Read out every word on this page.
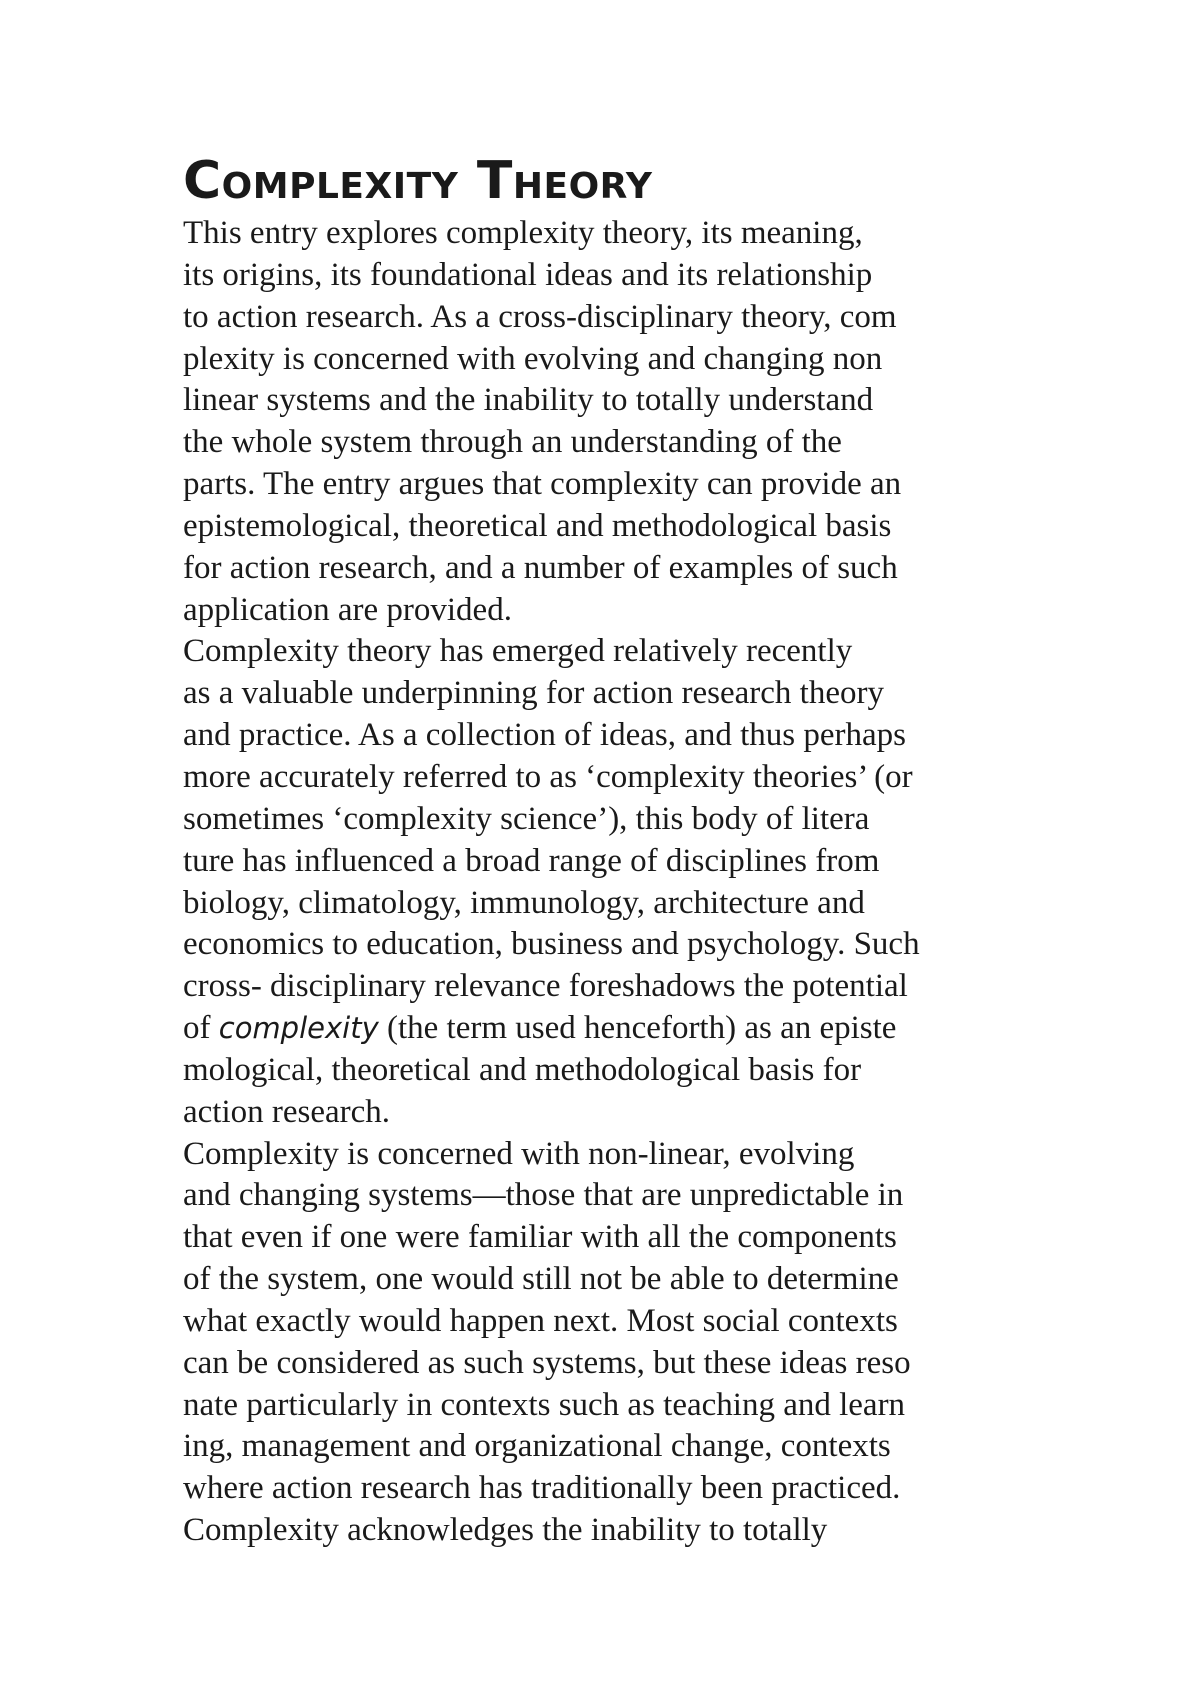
Complexity Theory
This entry explores complexity theory, its meaning,
its origins, its foundational ideas and its relationship
to action research. As a cross-disciplinary theory, com
plexity is concerned with evolving and changing non
linear systems and the inability to totally understand
the whole system through an understanding of the
parts. The entry argues that complexity can provide an
epistemological, theoretical and methodological basis
for action research, and a number of examples of such
application are provided.
Complexity theory has emerged relatively recently
as a valuable underpinning for action research theory
and practice. As a collection of ideas, and thus perhaps
more accurately referred to as ‘complexity theories’ (or
sometimes ‘complexity science’), this body of litera
ture has influenced a broad range of disciplines from
biology, climatology, immunology, architecture and
economics to education, business and psychology. Such
cross- disciplinary relevance foreshadows the potential
of complexity (the term used henceforth) as an episte
mological, theoretical and methodological basis for
action research.
Complexity is concerned with non-linear, evolving
and changing systems—those that are unpredictable in
that even if one were familiar with all the components
of the system, one would still not be able to determine
what exactly would happen next. Most social contexts
can be considered as such systems, but these ideas reso
nate particularly in contexts such as teaching and learn
ing, management and organizational change, contexts
where action research has traditionally been practiced.
Complexity acknowledges the inability to totally
